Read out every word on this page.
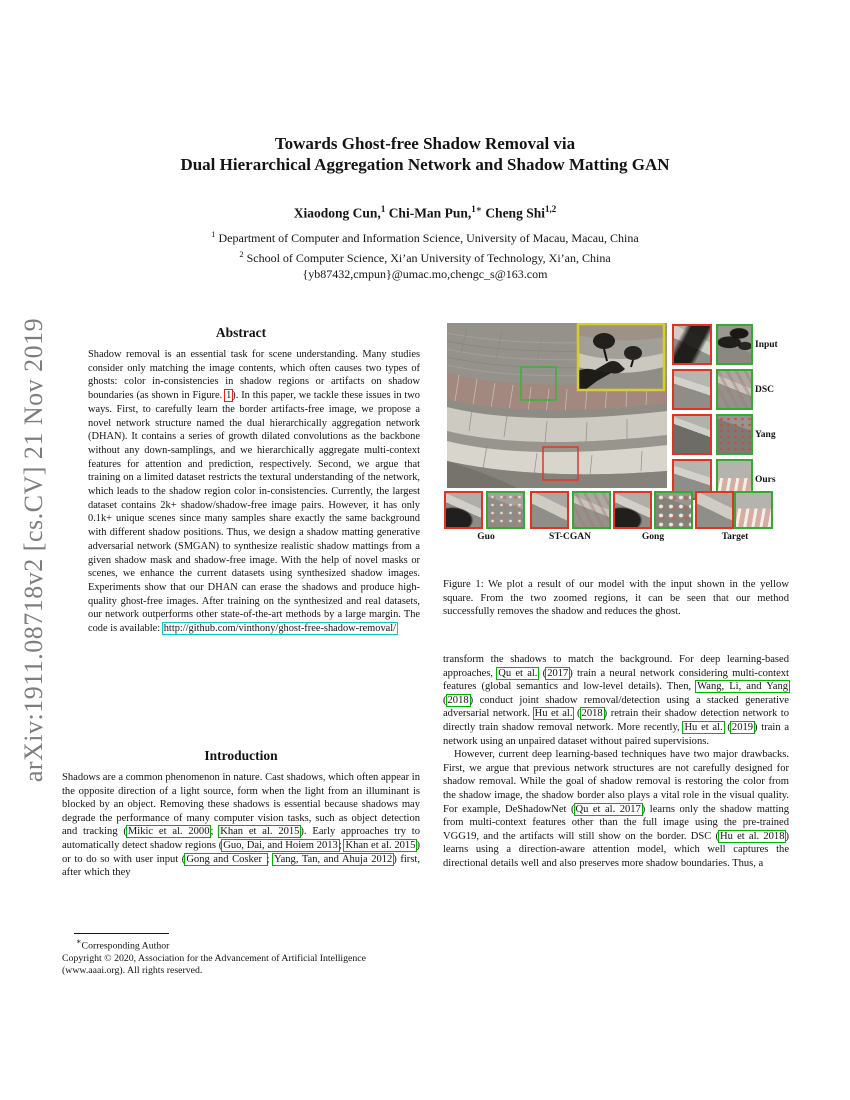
arXiv:1911.08718v2 [cs.CV] 21 Nov 2019
Towards Ghost-free Shadow Removal via
Dual Hierarchical Aggregation Network and Shadow Matting GAN
Xiaodong Cun,$^1$ Chi-Man Pun,$^{1∗}$ Cheng Shi$^{1,2}$
$^1$ Department of Computer and Information Science, University of Macau, Macau, China
$^2$ School of Computer Science, Xi’an University of Technology, Xi’an, China
{yb87432,cmpun}@umac.mo,chengc_s@163.com
Abstract
Shadow removal is an essential task for scene understanding. Many studies consider only matching the image contents, which often causes two types of ghosts: color in-consistencies in shadow regions or artifacts on shadow boundaries (as shown in Figure. 1). In this paper, we tackle these issues in two ways. First, to carefully learn the border artifacts-free image, we propose a novel network structure named the dual hierarchically aggregation network (DHAN). It contains a series of growth dilated convolutions as the backbone without any down-samplings, and we hierarchically aggregate multi-context features for attention and prediction, respectively. Second, we argue that training on a limited dataset restricts the textural understanding of the network, which leads to the shadow region color in-consistencies. Currently, the largest dataset contains 2k+ shadow/shadow-free image pairs. However, it has only 0.1k+ unique scenes since many samples share exactly the same background with different shadow positions. Thus, we design a shadow matting generative adversarial network (SMGAN) to synthesize realistic shadow mattings from a given shadow mask and shadow-free image. With the help of novel masks or scenes, we enhance the current datasets using synthesized shadow images. Experiments show that our DHAN can erase the shadows and produce high-quality ghost-free images. After training on the synthesized and real datasets, our network outperforms other state-of-the-art methods by a large margin. The code is available: http://github.com/vinthony/ghost-free-shadow-removal/
Introduction
Shadows are a common phenomenon in nature. Cast shadows, which often appear in the opposite direction of a light source, form when the light from an illuminant is blocked by an object. Removing these shadows is essential because shadows may degrade the performance of many computer vision tasks, such as object detection and tracking (Mikic et al. 2000; Khan et al. 2015). Early approaches try to automatically detect shadow regions (Guo, Dai, and Hoiem 2013; Khan et al. 2015) or to do so with user input (Gong and Cosker ; Yang, Tan, and Ahuja 2012) first, after which they
∗Corresponding Author
Copyright © 2020, Association for the Advancement of Artificial Intelligence (www.aaai.org). All rights reserved.
Input
DSC
Yang
Ours
Guo	ST-CGAN	Gong	Target
Figure 1: We plot a result of our model with the input shown in the yellow square. From the two zoomed regions, it can be seen that our method successfully removes the shadow and reduces the ghost.

transform the shadows to match the background. For deep learning-based approaches, Qu et al. (2017) train a neural network considering multi-context features (global semantics and low-level details). Then, Wang, Li, and Yang (2018) conduct joint shadow removal/detection using a stacked generative adversarial network. Hu et al. (2018) retrain their shadow detection network to directly train shadow removal network. More recently, Hu et al. (2019) train a network using an unpaired dataset without paired supervisions.

However, current deep learning-based techniques have two major drawbacks. First, we argue that previous network structures are not carefully designed for shadow removal. While the goal of shadow removal is restoring the color from the shadow image, the shadow border also plays a vital role in the visual quality. For example, DeShadowNet (Qu et al. 2017) learns only the shadow matting from multi-context features other than the full image using the pre-trained VGG19, and the artifacts will still show on the border. DSC (Hu et al. 2018) learns using a direction-aware attention model, which well captures the directional details well and also preserves more shadow boundaries. Thus, a
